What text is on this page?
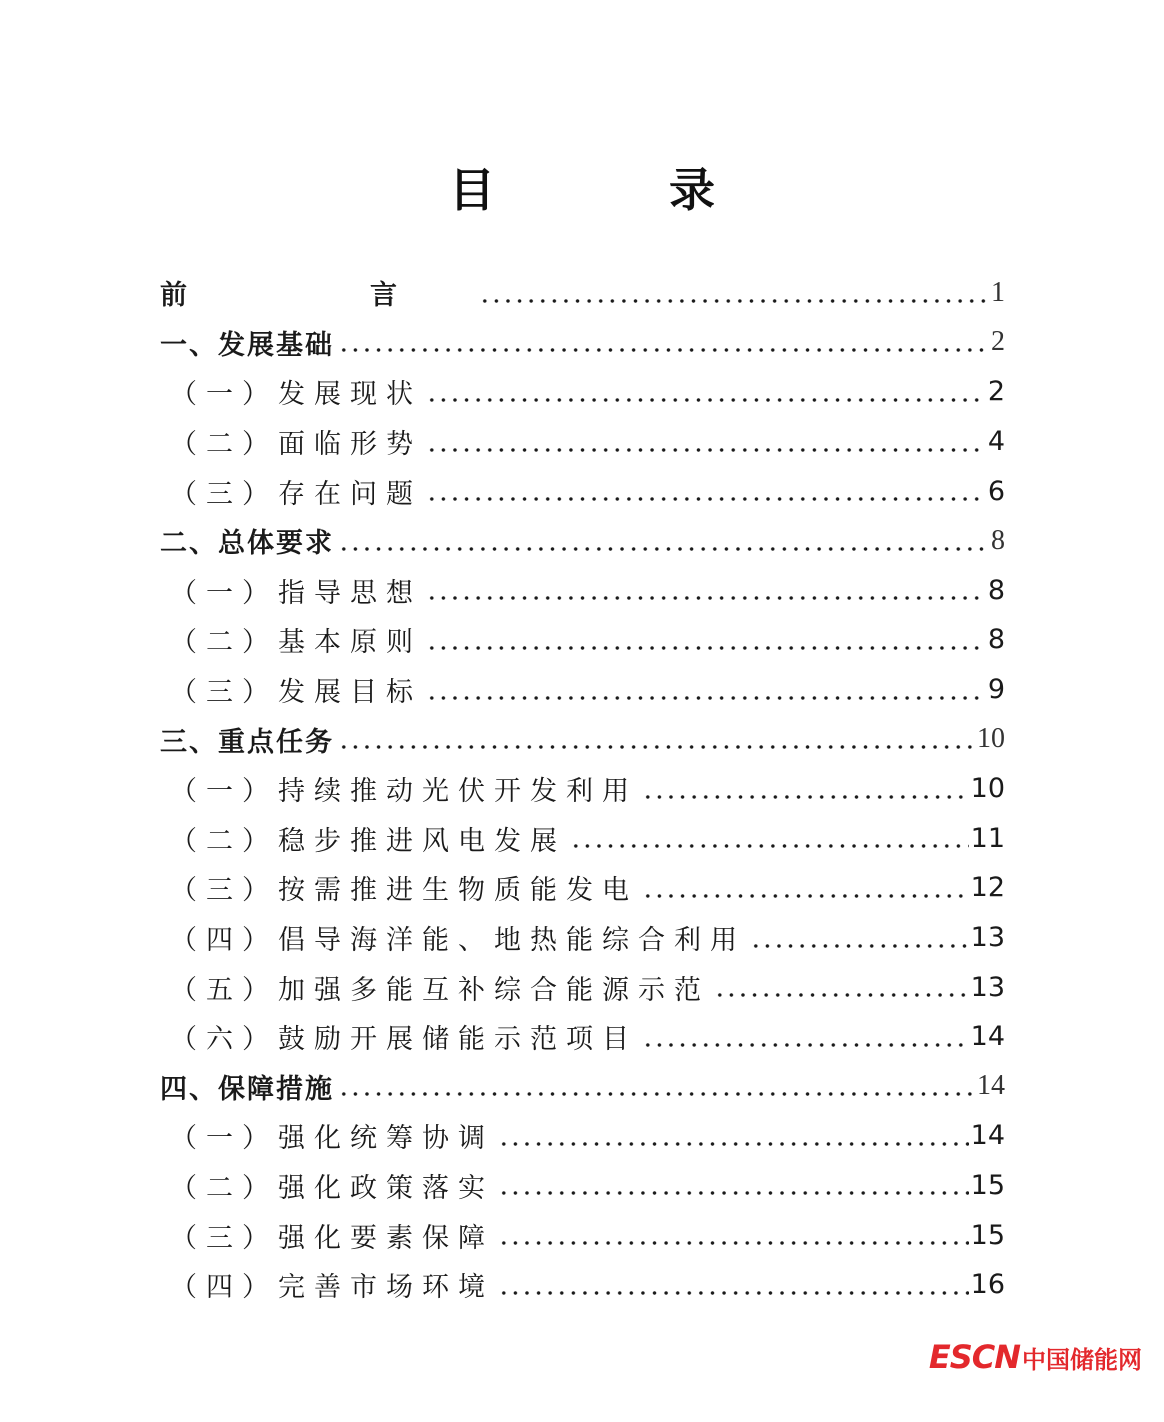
目　录
前　言	1
一、发展基础	2
（一）发展现状	2
（二）面临形势	4
（三）存在问题	6
二、总体要求	8
（一）指导思想	8
（二）基本原则	8
（三）发展目标	9
三、重点任务	10
（一）持续推动光伏开发利用	10
（二）稳步推进风电发展	11
（三）按需推进生物质能发电	12
（四）倡导海洋能、地热能综合利用	13
（五）加强多能互补综合能源示范	13
（六）鼓励开展储能示范项目	14
四、保障措施	14
（一）强化统筹协调	14
（二）强化政策落实	15
（三）强化要素保障	15
（四）完善市场环境	16
ESCN 中国储能网
